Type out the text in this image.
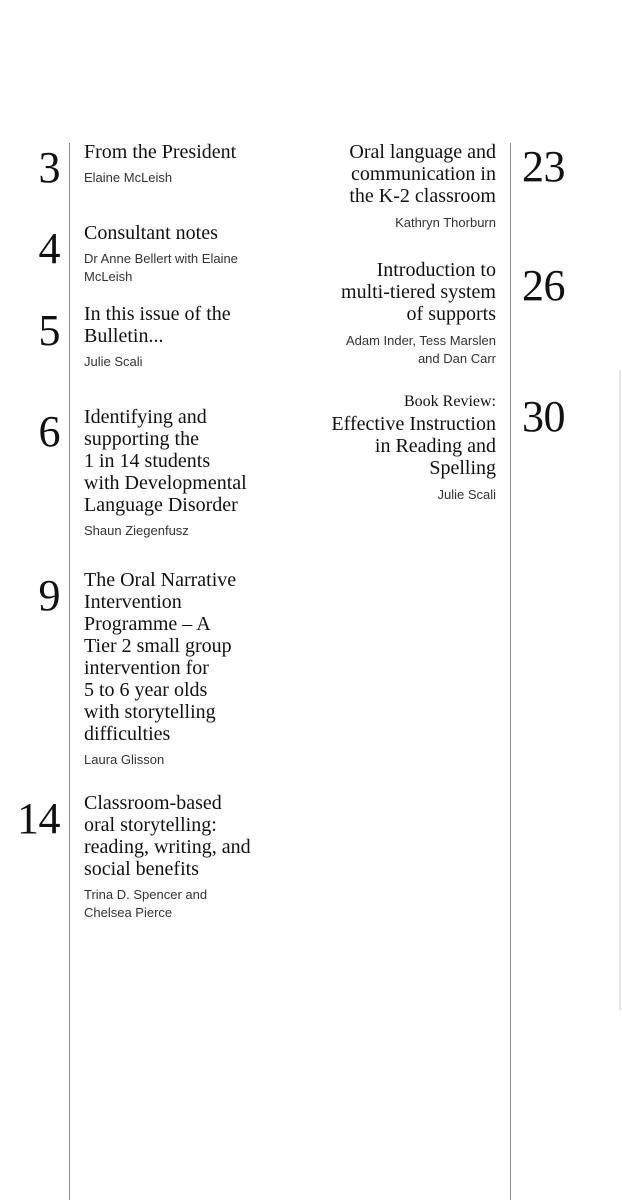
3 From the President
Elaine McLeish
4 Consultant notes
Dr Anne Bellert with Elaine
McLeish
5 In this issue of the
Bulletin...
Julie Scali
6 Identifying and
supporting the
1 in 14 students
with Developmental
Language Disorder
Shaun Ziegenfusz
9 The Oral Narrative
Intervention
Programme – A
Tier 2 small group
intervention for
5 to 6 year olds
with storytelling
difficulties
Laura Glisson
14 Classroom-based
oral storytelling:
reading, writing, and
social benefits
Trina D. Spencer and
Chelsea Pierce
23
Oral language and
communication in
the K-2 classroom
Kathryn Thorburn
26
Introduction to
multi-tiered system
of supports
Adam Inder, Tess Marslen
and Dan Carr
30
Book Review:
Effective Instruction
in Reading and
Spelling
Julie Scali
